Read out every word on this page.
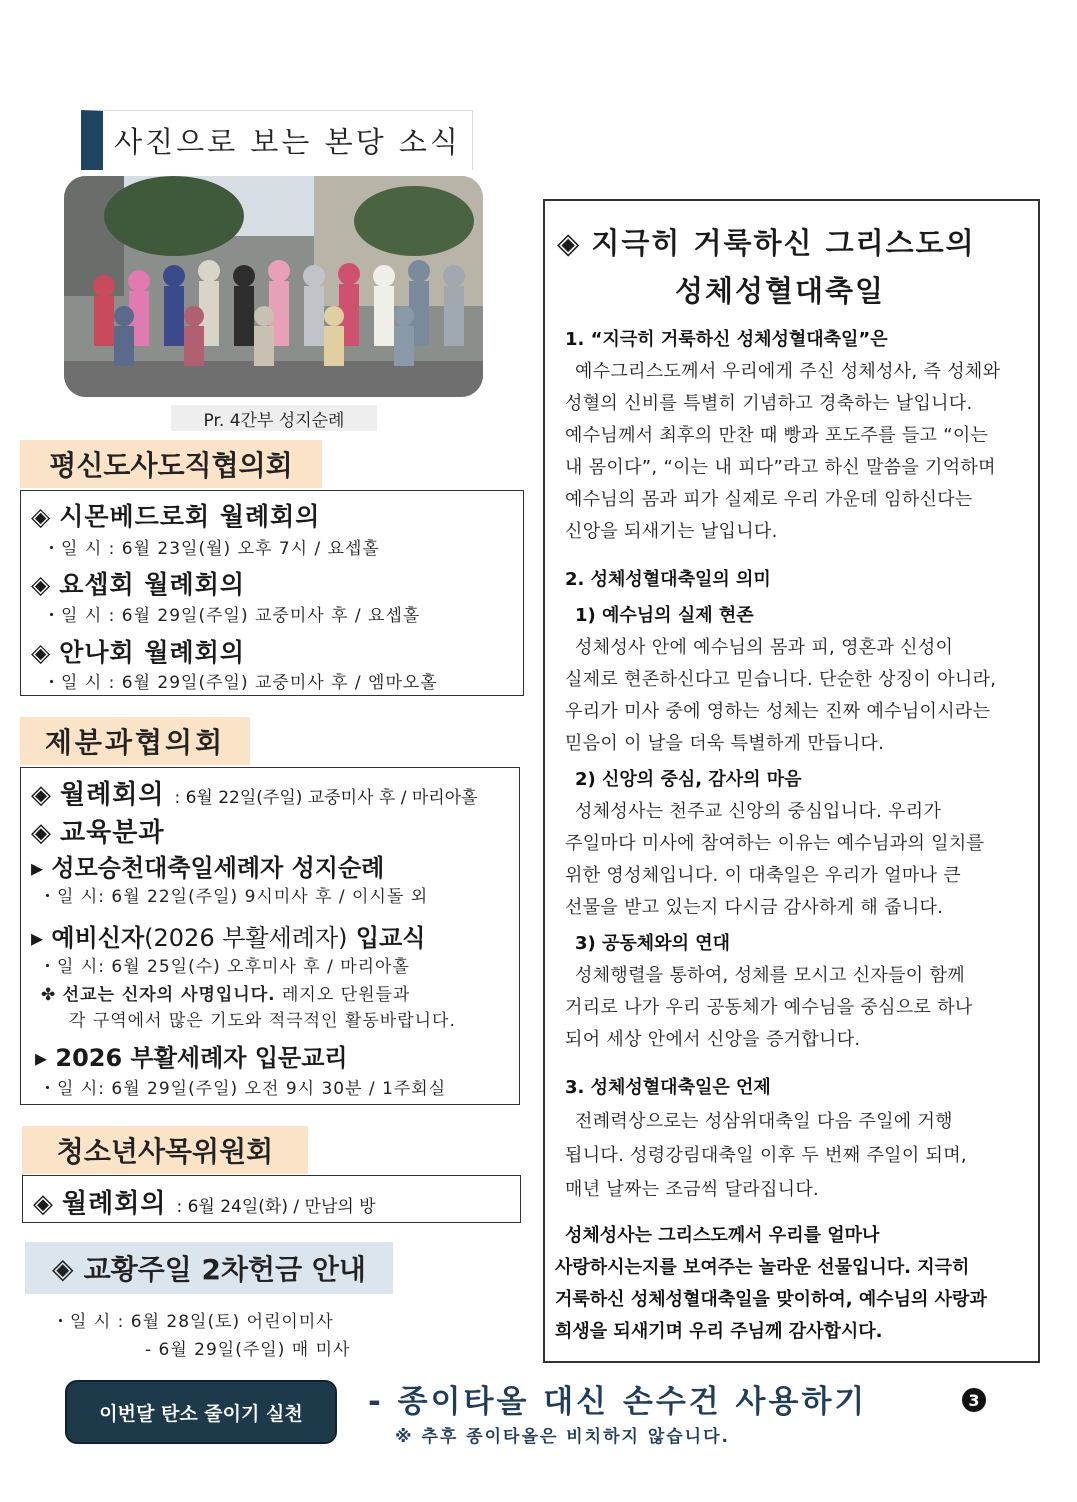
사진으로 보는 본당 소식
Pr. 4간부 성지순례
평신도사도직협의회
◈ 시몬베드로회 월례회의
・일 시 : 6월 23일(월) 오후 7시 / 요셉홀
◈ 요셉회 월례회의
・일 시 : 6월 29일(주일) 교중미사 후 / 요셉홀
◈ 안나회 월례회의
・일 시 : 6월 29일(주일) 교중미사 후 / 엠마오홀
제분과협의회
◈ 월례회의 : 6월 22일(주일) 교중미사 후 / 마리아홀
◈ 교육분과
▸ 성모승천대축일세례자 성지순례
・일 시: 6월 22일(주일) 9시미사 후 / 이시돌 외
▸ 예비신자(2026 부활세례자) 입교식
・일 시: 6월 25일(수) 오후미사 후 / 마리아홀
✤ 선교는 신자의 사명입니다. 레지오 단원들과
각 구역에서 많은 기도와 적극적인 활동바랍니다.
▸ 2026 부활세례자 입문교리
・일 시: 6월 29일(주일) 오전 9시 30분 / 1주회실
청소년사목위원회
◈ 월례회의 : 6월 24일(화) / 만남의 방
◈ 교황주일 2차헌금 안내
・일 시 : 6월 28일(토) 어린이미사
- 6월 29일(주일) 매 미사
◈ 지극히 거룩하신 그리스도의
성체성혈대축일
1. “지극히 거룩하신 성체성혈대축일”은
예수그리스도께서 우리에게 주신 성체성사, 즉 성체와
성혈의 신비를 특별히 기념하고 경축하는 날입니다.
예수님께서 최후의 만찬 때 빵과 포도주를 들고 “이는
내 몸이다”, “이는 내 피다”라고 하신 말씀을 기억하며
예수님의 몸과 피가 실제로 우리 가운데 임하신다는
신앙을 되새기는 날입니다.
2. 성체성혈대축일의 의미
1) 예수님의 실제 현존
성체성사 안에 예수님의 몸과 피, 영혼과 신성이
실제로 현존하신다고 믿습니다. 단순한 상징이 아니라,
우리가 미사 중에 영하는 성체는 진짜 예수님이시라는
믿음이 이 날을 더욱 특별하게 만듭니다.
2) 신앙의 중심, 감사의 마음
성체성사는 천주교 신앙의 중심입니다. 우리가
주일마다 미사에 참여하는 이유는 예수님과의 일치를
위한 영성체입니다. 이 대축일은 우리가 얼마나 큰
선물을 받고 있는지 다시금 감사하게 해 줍니다.
3) 공동체와의 연대
성체행렬을 통하여, 성체를 모시고 신자들이 함께
거리로 나가 우리 공동체가 예수님을 중심으로 하나
되어 세상 안에서 신앙을 증거합니다.
3. 성체성혈대축일은 언제
전례력상으로는 성삼위대축일 다음 주일에 거행
됩니다. 성령강림대축일 이후 두 번째 주일이 되며,
매년 날짜는 조금씩 달라집니다.
성체성사는 그리스도께서 우리를 얼마나
사랑하시는지를 보여주는 놀라운 선물입니다. 지극히
거룩하신 성체성혈대축일을 맞이하여, 예수님의 사랑과
희생을 되새기며 우리 주님께 감사합시다.
이번달 탄소 줄이기 실천	- 종이타올 대신 손수건 사용하기
※ 추후 종이타올은 비치하지 않습니다.
3
